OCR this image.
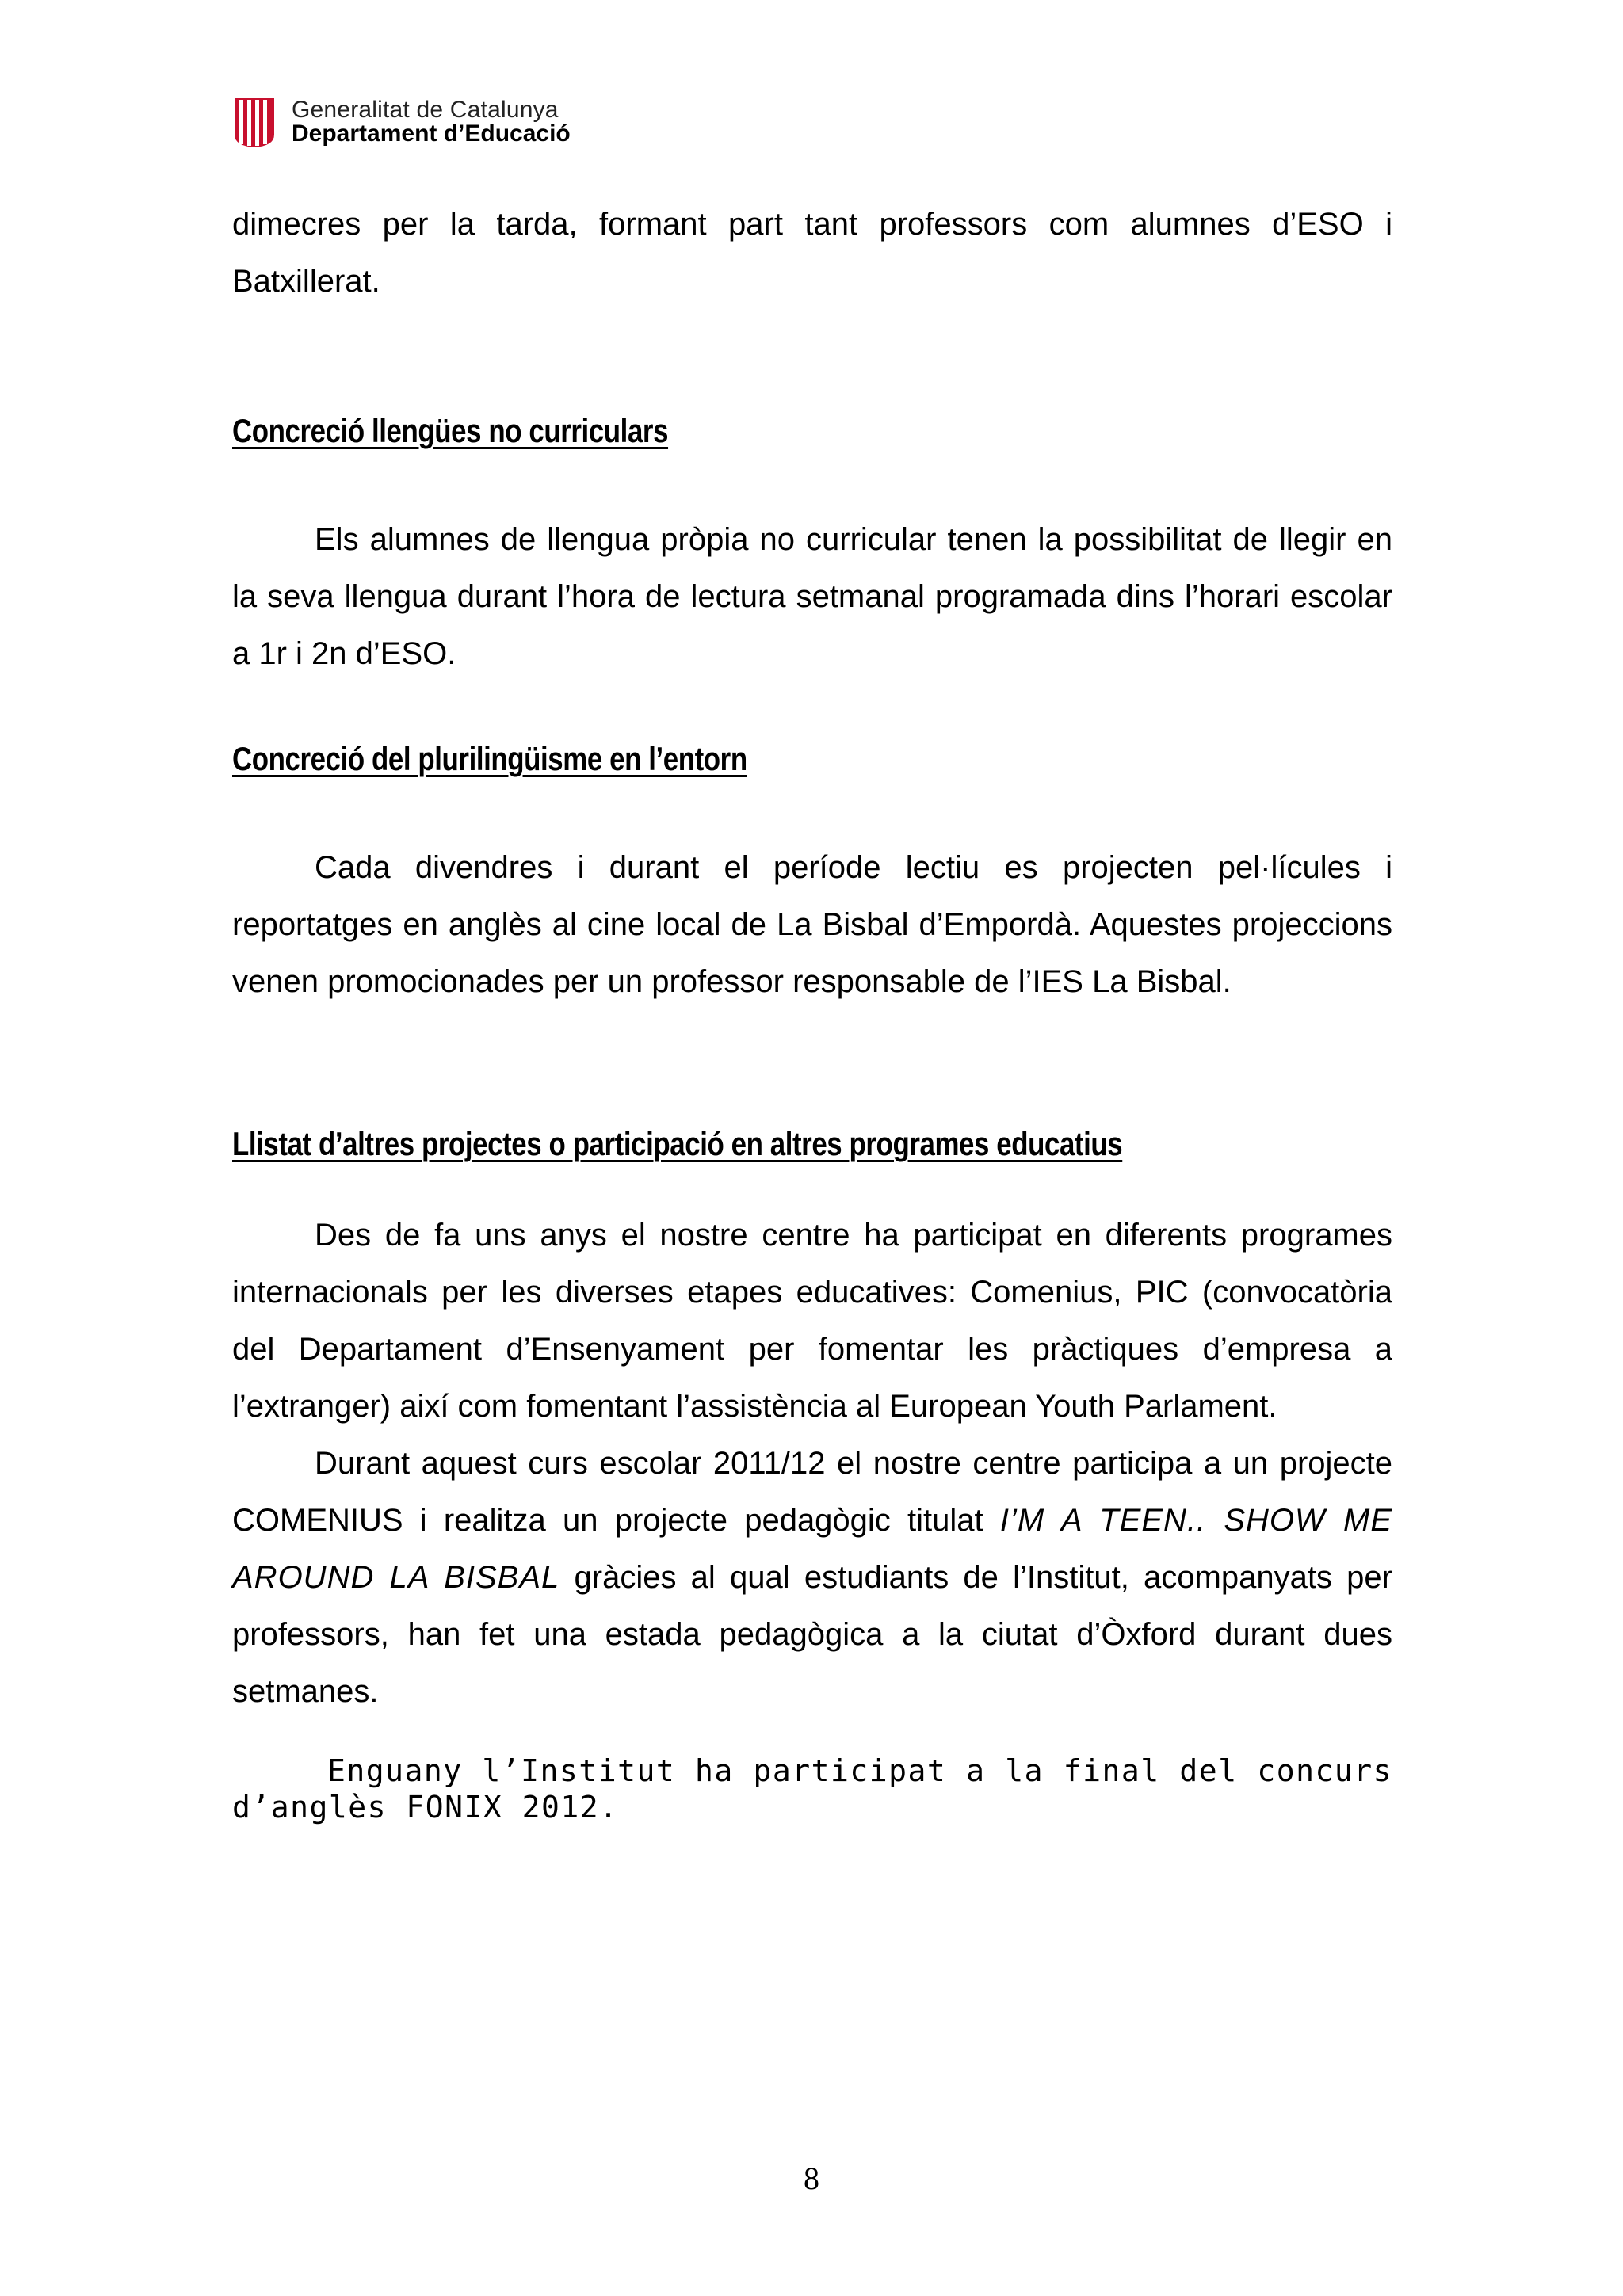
Generalitat de Catalunya
Departament d’Educació

dimecres per la tarda, formant part tant professors com alumnes d’ESO i Batxillerat.

Concreció llengües no curriculars

Els alumnes de llengua pròpia no curricular tenen la possibilitat de llegir en la seva llengua durant l’hora de lectura setmanal programada dins l’horari escolar a 1r i 2n d’ESO.

Concreció del plurilingüisme en l’entorn

Cada divendres i durant el període lectiu es projecten pel·lícules i reportatges en anglès al cine local de La Bisbal d’Empordà. Aquestes projeccions venen promocionades per un professor responsable de l’IES La Bisbal.

Llistat d’altres projectes o participació en altres programes educatius

Des de fa uns anys el nostre centre ha participat en diferents programes internacionals per les diverses etapes educatives: Comenius, PIC (convocatòria del Departament d’Ensenyament per fomentar les pràctiques d’empresa a l’extranger) així com fomentant l’assistència al European Youth Parlament.

Durant aquest curs escolar 2011/12 el nostre centre participa a un projecte COMENIUS i realitza un projecte pedagògic titulat I’M A TEEN.. SHOW ME AROUND LA BISBAL gràcies al qual estudiants de l’Institut, acompanyats per professors, han fet una estada pedagògica a la ciutat d’Òxford durant dues setmanes.

Enguany l’Institut ha participat a la final del concurs d’anglès FONIX 2012.

8
